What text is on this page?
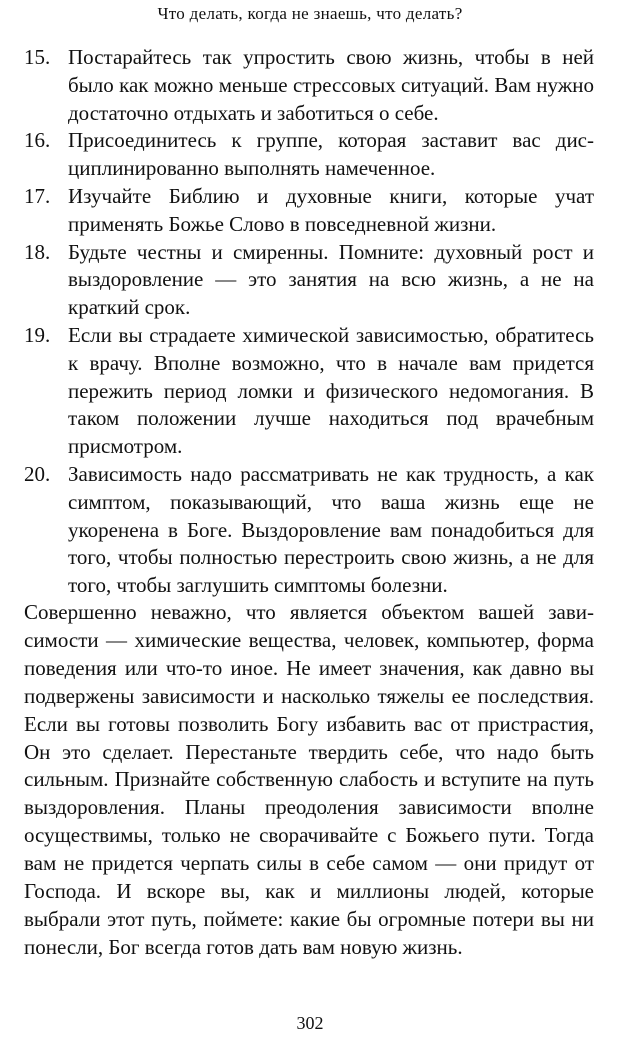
Что делать, когда не знаешь, что делать?
15. Постарайтесь так упростить свою жизнь, чтобы в ней было как можно меньше стрессовых ситуаций. Вам нужно достаточно отдыхать и заботиться о себе.
16. Присоединитесь к группе, которая заставит вас дисциплинированно выполнять намеченное.
17. Изучайте Библию и духовные книги, которые учат применять Божье Слово в повседневной жизни.
18. Будьте честны и смиренны. Помните: духовный рост и выздоровление — это занятия на всю жизнь, а не на краткий срок.
19. Если вы страдаете химической зависимостью, обратитесь к врачу. Вполне возможно, что в начале вам придется пережить период ломки и физического недомогания. В таком положении лучше находиться под врачебным присмотром.
20. Зависимость надо рассматривать не как трудность, а как симптом, показывающий, что ваша жизнь еще не укоренена в Боге. Выздоровление вам понадобиться для того, чтобы полностью перестроить свою жизнь, а не для того, чтобы заглушить симптомы болезни.

Совершенно неважно, что является объектом вашей зависимости — химические вещества, человек, компьютер, форма поведения или что-то иное. Не имеет значения, как давно вы подвержены зависимости и насколько тяжелы ее последствия. Если вы готовы позволить Богу избавить вас от пристрастия, Он это сделает. Перестаньте твердить себе, что надо быть сильным. Признайте собственную слабость и вступите на путь выздоровления. Планы преодоления зависимости вполне осуществимы, только не сворачивайте с Божьего пути. Тогда вам не придется черпать силы в себе самом — они придут от Господа. И вскоре вы, как и миллионы людей, которые выбрали этот путь, поймете: какие бы огромные потери вы ни понесли, Бог всегда готов дать вам новую жизнь.

302
